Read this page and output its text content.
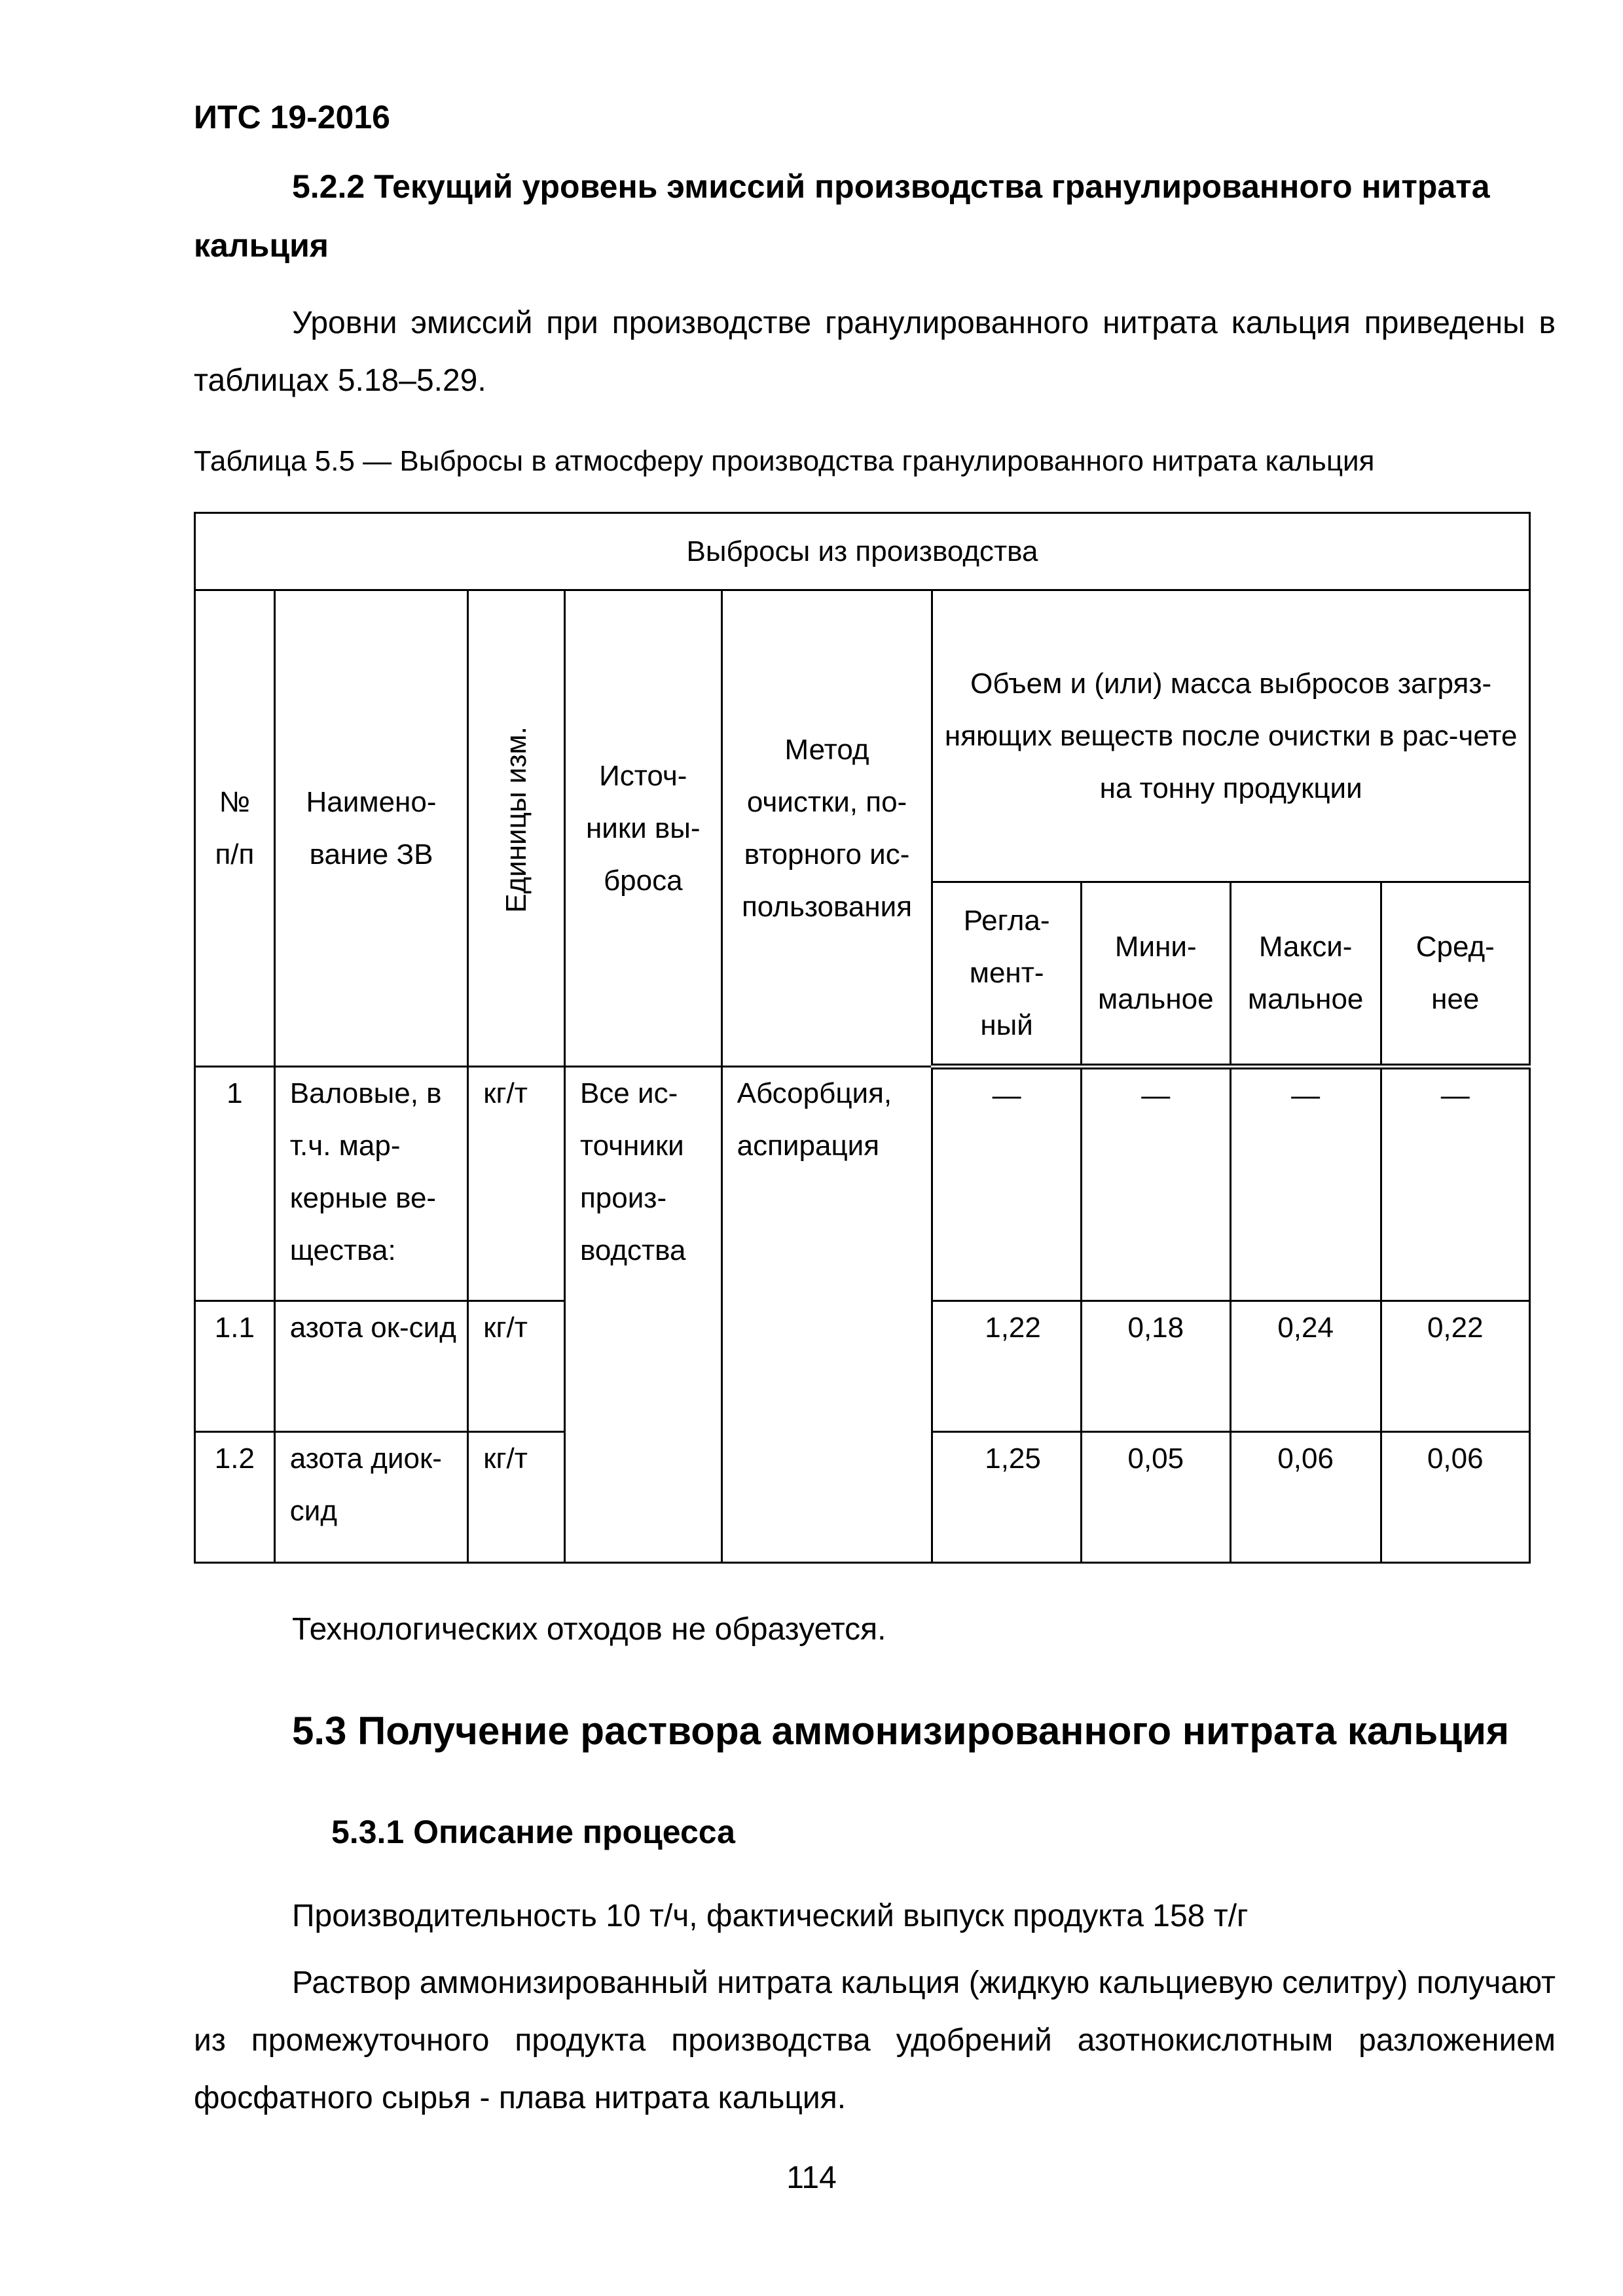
ИТС 19-2016
5.2.2 Текущий уровень эмиссий производства гранулированного нитрата кальция
Уровни эмиссий при производстве гранулированного нитрата кальция приведены в таблицах 5.18–5.29.
Таблица 5.5 — Выбросы в атмосферу производства гранулированного нитрата кальция
Выбросы из производства								
№ п/п	Наимено-вание ЗВ	Единицы изм.	Источ-ники вы-броса	Метод очистки, по-вторного ис-пользования	Объем и (или) масса выбросов загряз-няющих веществ после очистки в рас-чете на тонну продукции			
					Регла-мент-ный	Мини-мальное	Макси-мальное	Сред-нее
1	Валовые, в т.ч. мар-керные ве-щества:	кг/т	Все ис-точники произ-водства	Абсорбция, аспирация	—	—	—	—
1.1	азота ок-сид	кг/т			1,22	0,18	0,24	0,22
1.2	азота диок-сид	кг/т			1,25	0,05	0,06	0,06
Технологических отходов не образуется.
5.3 Получение раствора аммонизированного нитрата кальция
5.3.1 Описание процесса
Производительность 10 т/ч, фактический выпуск продукта 158 т/г
Раствор аммонизированный нитрата кальция (жидкую кальциевую селитру) получают из промежуточного продукта производства удобрений азотнокислотным разложением фосфатного сырья - плава нитрата кальция.
114
